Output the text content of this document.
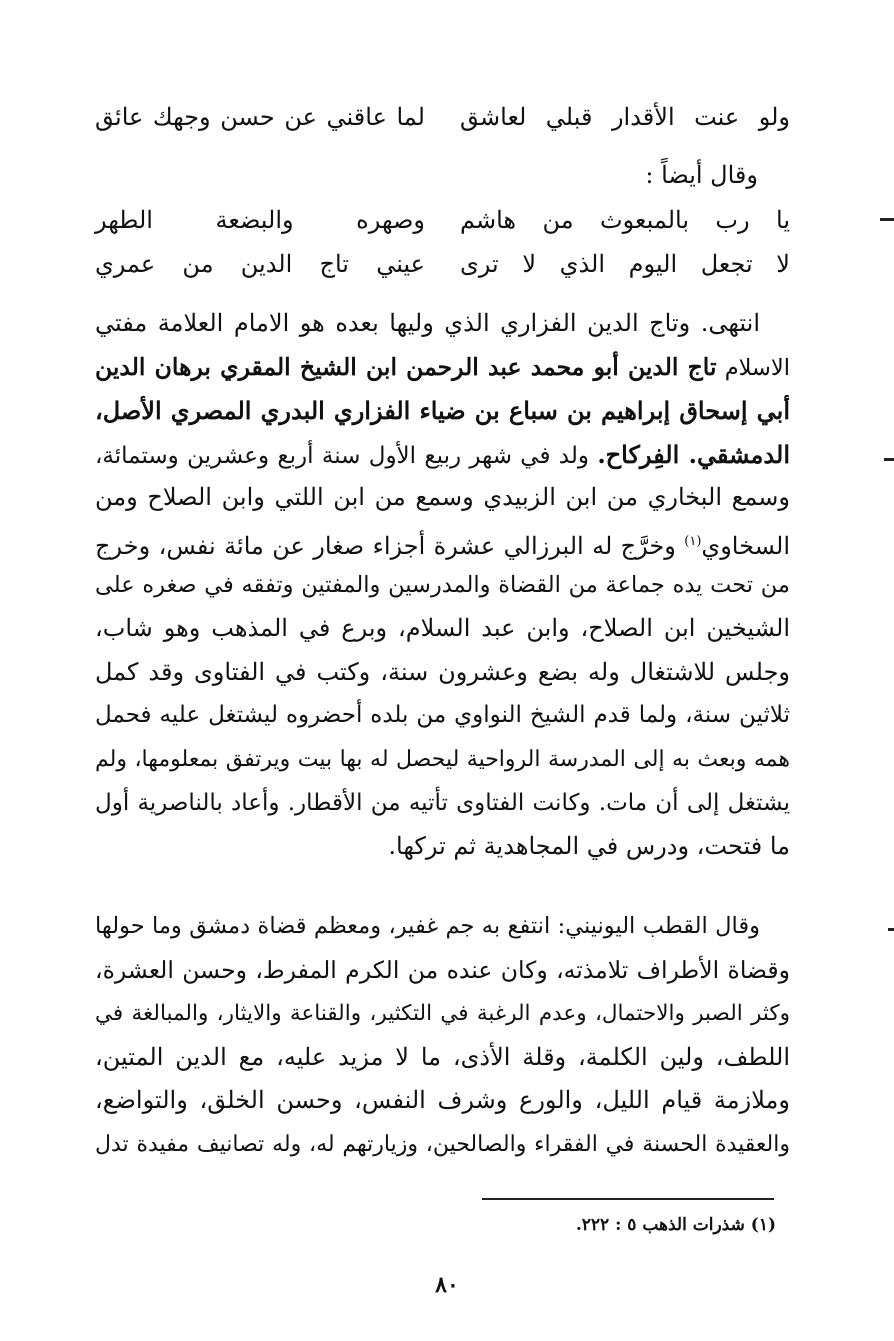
ولو عنت الأقدار قبلي لعاشق
لما عاقني عن حسن وجهك عائق
وقال أيضاً :
يا رب بالمبعوث من هاشم
وصهره والبضعة الطهر
لا تجعل اليوم الذي لا ترى
عيني تاج الدين من عمري
انتهى. وتاج الدين الفزاري الذي وليها بعده هو الامام العلامة مفتي
الاسلام تاج الدين أبو محمد عبد الرحمن ابن الشيخ المقري برهان الدين
أبي إسحاق إبراهيم بن سباع بن ضياء الفزاري البدري المصري الأصل،
الدمشقي. الفِركاح. ولد في شهر ربيع الأول سنة أربع وعشرين وستمائة،
وسمع البخاري من ابن الزبيدي وسمع من ابن اللتي وابن الصلاح ومن
السخاوي$^{(١)}$ وخرَّج له البرزالي عشرة أجزاء صغار عن مائة نفس، وخرج
من تحت يده جماعة من القضاة والمدرسين والمفتين وتفقه في صغره على
الشيخين ابن الصلاح، وابن عبد السلام، وبرع في المذهب وهو شاب،
وجلس للاشتغال وله بضع وعشرون سنة، وكتب في الفتاوى وقد كمل
ثلاثين سنة، ولما قدم الشيخ النواوي من بلده أحضروه ليشتغل عليه فحمل
همه وبعث به إلى المدرسة الرواحية ليحصل له بها بيت ويرتفق بمعلومها، ولم
يشتغل إلى أن مات. وكانت الفتاوى تأتيه من الأقطار. وأعاد بالناصرية أول
ما فتحت، ودرس في المجاهدية ثم تركها.
وقال القطب اليونيني: انتفع به جم غفير، ومعظم قضاة دمشق وما حولها
وقضاة الأطراف تلامذته، وكان عنده من الكرم المفرط، وحسن العشرة،
وكثر الصبر والاحتمال، وعدم الرغبة في التكثير، والقناعة والايثار، والمبالغة في
اللطف، ولين الكلمة، وقلة الأذى، ما لا مزيد عليه، مع الدين المتين،
وملازمة قيام الليل، والورع وشرف النفس، وحسن الخلق، والتواضع،
والعقيدة الحسنة في الفقراء والصالحين، وزيارتهم له، وله تصانيف مفيدة تدل
(١) شذرات الذهب ٥ : ٢٢٢.
٨٠
